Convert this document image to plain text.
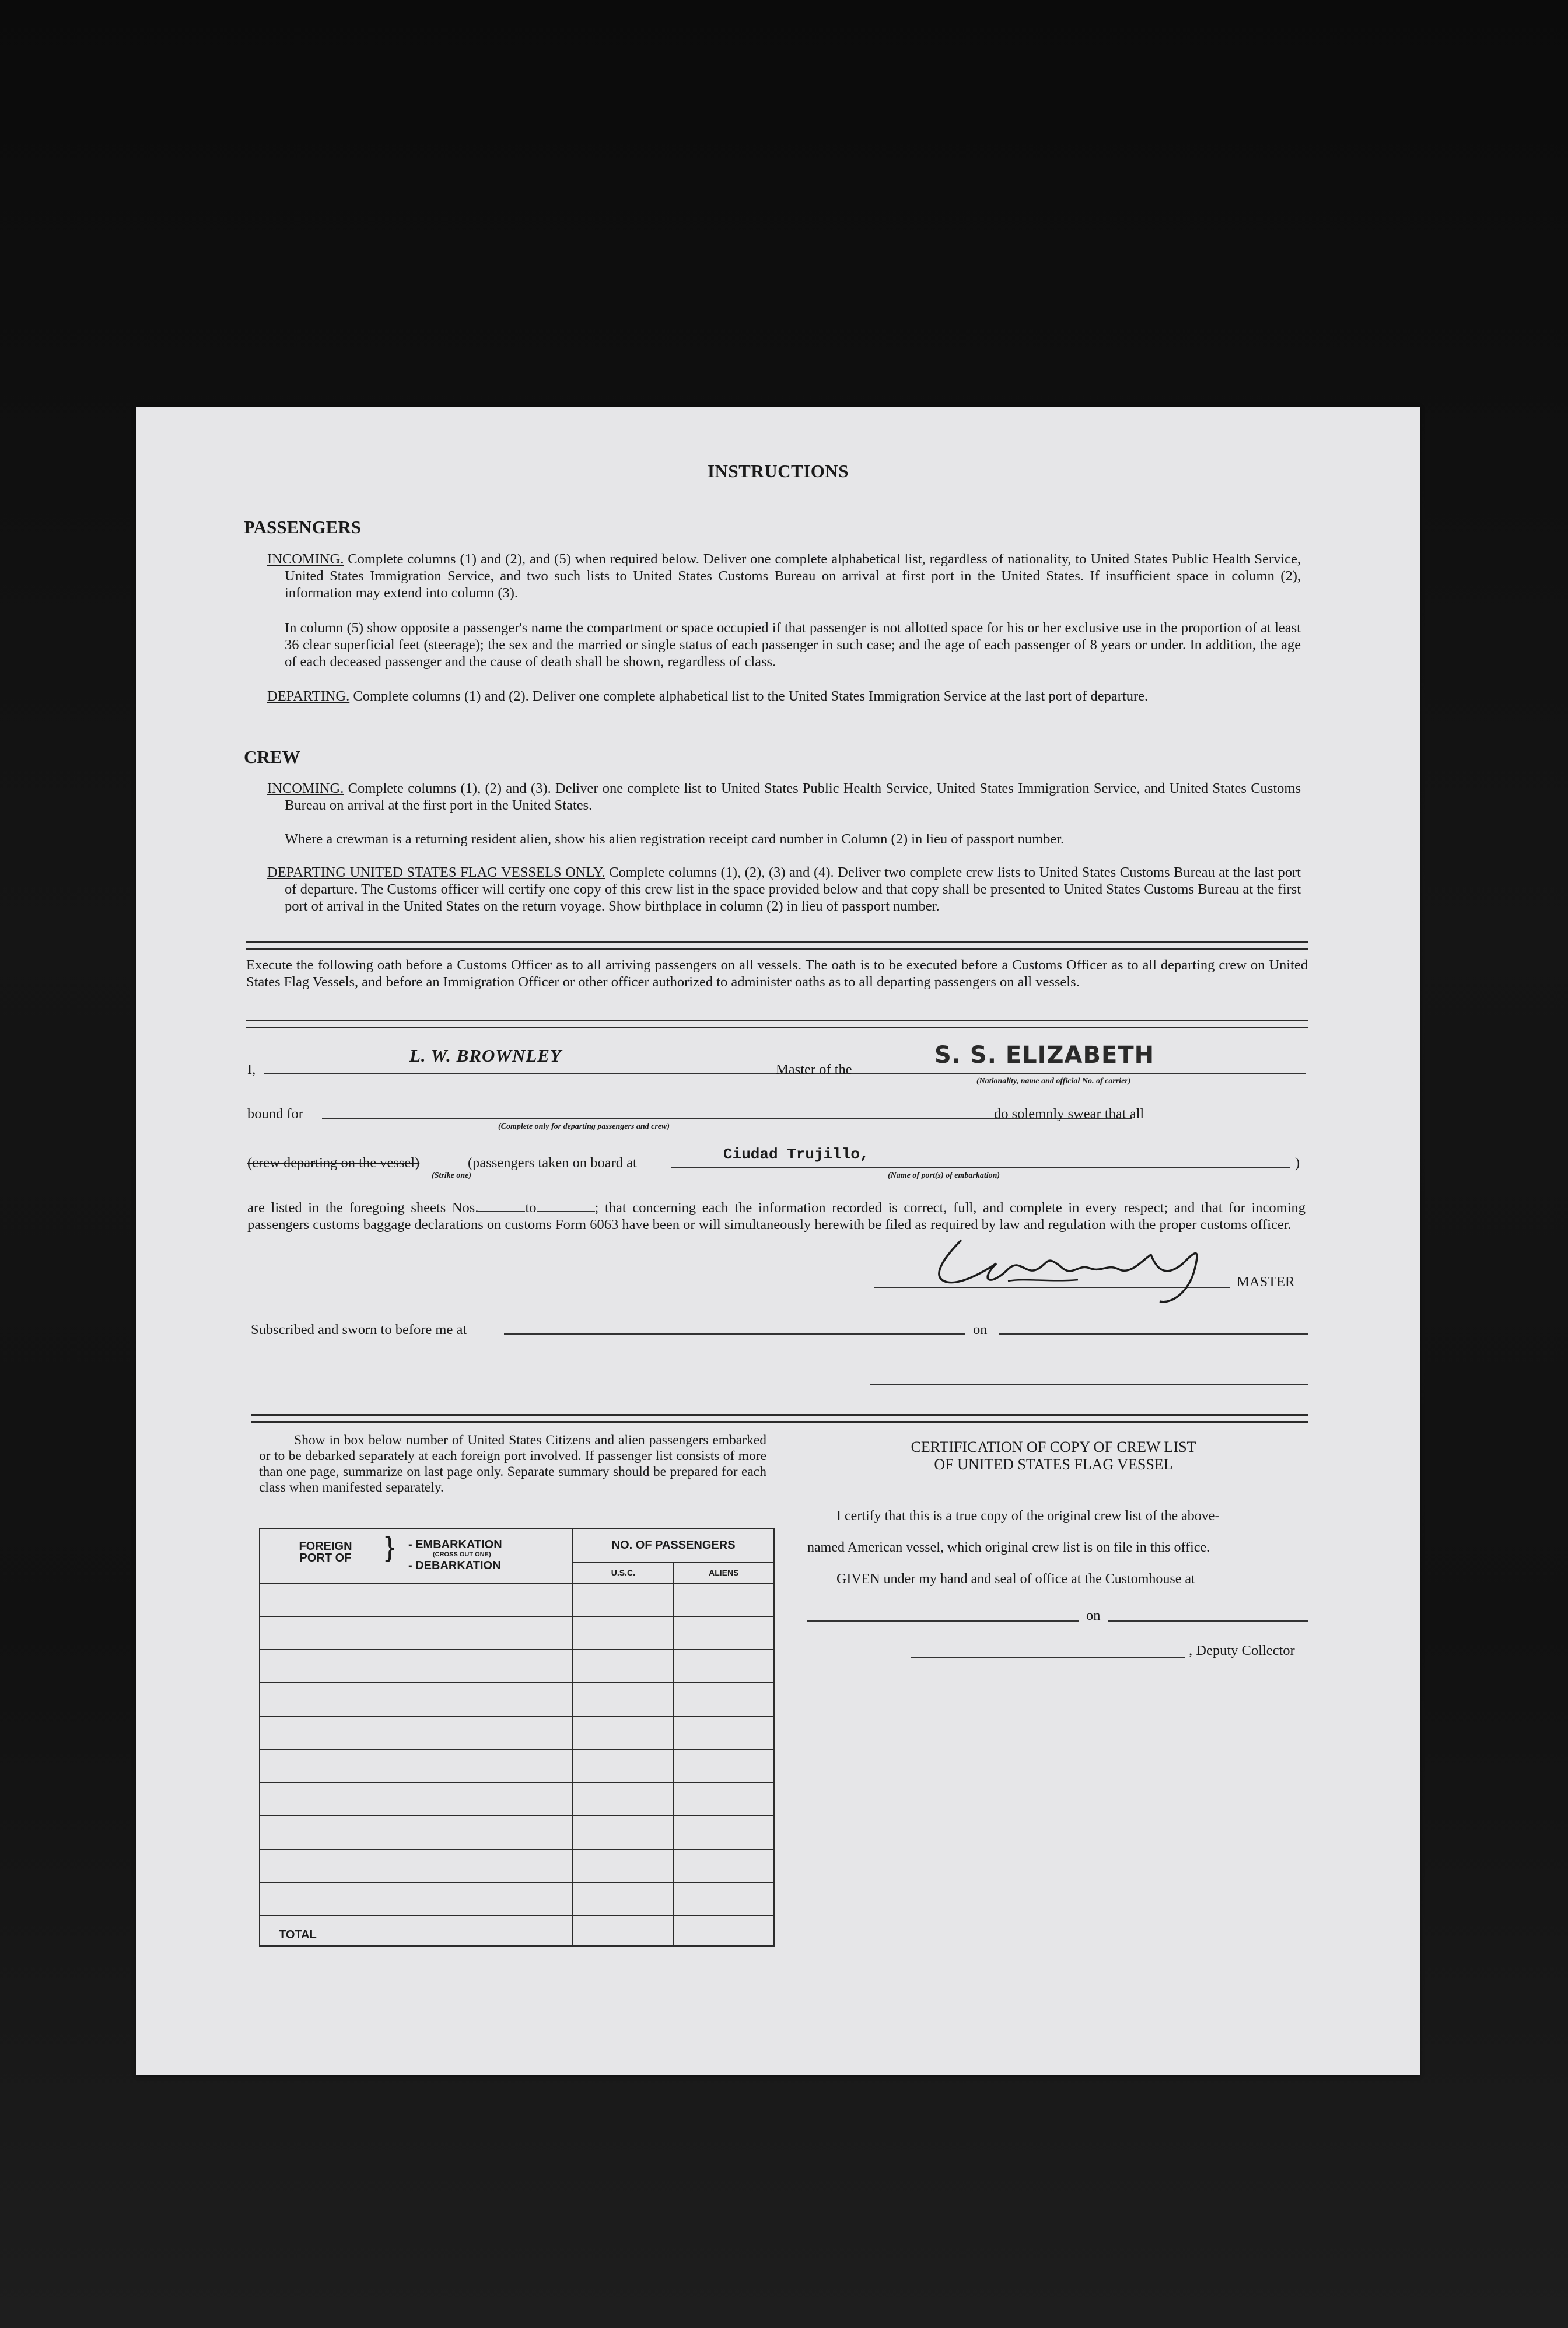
INSTRUCTIONS
PASSENGERS
INCOMING. Complete columns (1) and (2), and (5) when required below. Deliver one complete alphabetical list, regardless of nationality, to United States Public Health Service, United States Immigration Service, and two such lists to United States Customs Bureau on arrival at first port in the United States. If insufficient space in column (2), information may extend into column (3).
In column (5) show opposite a passenger's name the compartment or space occupied if that passenger is not allotted space for his or her exclusive use in the proportion of at least 36 clear superficial feet (steerage); the sex and the married or single status of each passenger in such case; and the age of each passenger of 8 years or under. In addition, the age of each deceased passenger and the cause of death shall be shown, regardless of class.
DEPARTING. Complete columns (1) and (2). Deliver one complete alphabetical list to the United States Immigration Service at the last port of departure.
CREW
INCOMING. Complete columns (1), (2) and (3). Deliver one complete list to United States Public Health Service, United States Immigration Service, and United States Customs Bureau on arrival at the first port in the United States.
Where a crewman is a returning resident alien, show his alien registration receipt card number in Column (2) in lieu of passport number.
DEPARTING UNITED STATES FLAG VESSELS ONLY. Complete columns (1), (2), (3) and (4). Deliver two complete crew lists to United States Customs Bureau at the last port of departure. The Customs officer will certify one copy of this crew list in the space provided below and that copy shall be presented to United States Customs Bureau at the first port of arrival in the United States on the return voyage. Show birthplace in column (2) in lieu of passport number.
Execute the following oath before a Customs Officer as to all arriving passengers on all vessels. The oath is to be executed before a Customs Officer as to all departing crew on United States Flag Vessels, and before an Immigration Officer or other officer authorized to administer oaths as to all departing passengers on all vessels.
I,
L. W. BROWNLEY
Master of the
S. S. ELIZABETH
(Nationality, name and official No. of carrier)
bound for
(Complete only for departing passengers and crew)
do solemnly swear that all
(crew departing on the vessel)	(passengers taken on board at
(Strike one)
Ciudad Trujillo,
(Name of port(s) of embarkation)
)
are listed in the foregoing sheets Nos.	to	; that concerning each the information recorded is correct, full, and complete in every respect; and that for incoming passengers customs baggage declarations on customs Form 6063 have been or will simultaneously herewith be filed as required by law and regulation with the proper customs officer.
MASTER
Subscribed and sworn to before me at	on
Show in box below number of United States Citizens and alien passengers embarked or to be debarked separately at each foreign port involved. If passenger list consists of more than one page, summarize on last page only. Separate summary should be prepared for each class when manifested separately.
FOREIGN PORT OF } - EMBARKATION
(CROSS OUT ONE)
- DEBARKATION	NO. OF PASSENGERS	
	U.S.C.	ALIENS

TOTAL		
CERTIFICATION OF COPY OF CREW LIST
OF UNITED STATES FLAG VESSEL
I certify that this is a true copy of the original crew list of the above-
named American vessel, which original crew list is on file in this office.
GIVEN under my hand and seal of office at the Customhouse at
on
, Deputy Collector
